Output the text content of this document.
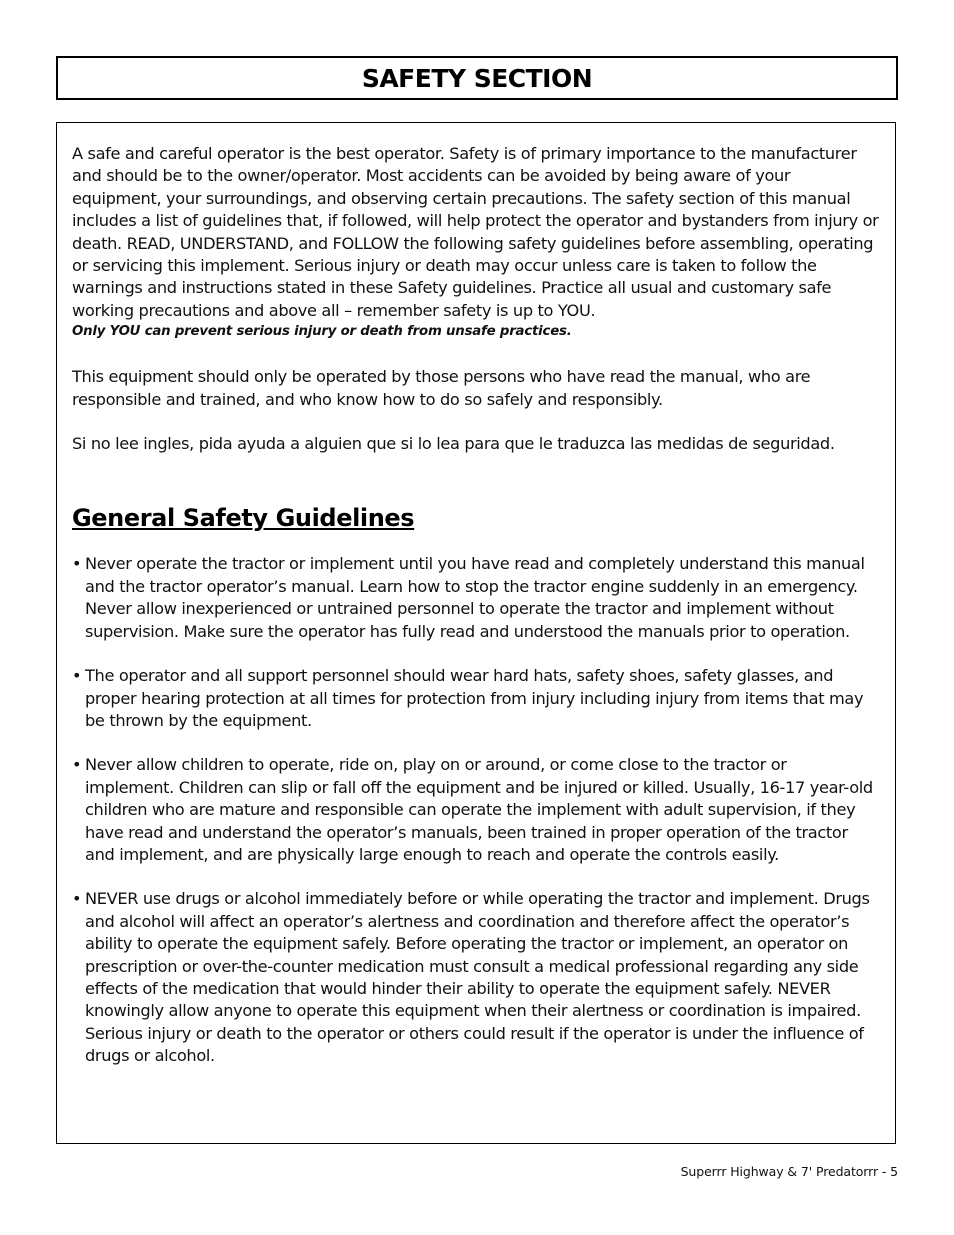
SAFETY SECTION

A safe and careful operator is the best operator. Safety is of primary importance to the manufacturer and should be to the owner/operator. Most accidents can be avoided by being aware of your equipment, your surroundings, and observing certain precautions. The safety section of this manual includes a list of guidelines that, if followed, will help protect the operator and bystanders from injury or death. READ, UNDERSTAND, and FOLLOW the following safety guidelines before assembling, operating or servicing this implement. Serious injury or death may occur unless care is taken to follow the warnings and instructions stated in these Safety guidelines. Practice all usual and customary safe working precautions and above all – remember safety is up to YOU.

Only YOU can prevent serious injury or death from unsafe practices.

This equipment should only be operated by those persons who have read the manual, who are responsible and trained, and who know how to do so safely and responsibly.

Si no lee ingles, pida ayuda a alguien que si lo lea para que le traduzca las medidas de seguridad.

General Safety Guidelines
• Never operate the tractor or implement until you have read and completely understand this manual and the tractor operator’s manual. Learn how to stop the tractor engine suddenly in an emergency. Never allow inexperienced or untrained personnel to operate the tractor and implement without supervision. Make sure the operator has fully read and understood the manuals prior to operation.
• The operator and all support personnel should wear hard hats, safety shoes, safety glasses, and proper hearing protection at all times for protection from injury including injury from items that may be thrown by the equipment.
• Never allow children to operate, ride on, play on or around, or come close to the tractor or implement. Children can slip or fall off the equipment and be injured or killed. Usually, 16-17 year-old children who are mature and responsible can operate the implement with adult supervision, if they have read and understand the operator’s manuals, been trained in proper operation of the tractor and implement, and are physically large enough to reach and operate the controls easily.
• NEVER use drugs or alcohol immediately before or while operating the tractor and implement. Drugs and alcohol will affect an operator’s alertness and coordination and therefore affect the operator’s ability to operate the equipment safely. Before operating the tractor or implement, an operator on prescription or over-the-counter medication must consult a medical professional regarding any side effects of the medication that would hinder their ability to operate the equipment safely. NEVER knowingly allow anyone to operate this equipment when their alertness or coordination is impaired. Serious injury or death to the operator or others could result if the operator is under the influence of drugs or alcohol.
Superrr Highway & 7' Predatorrr - 5
